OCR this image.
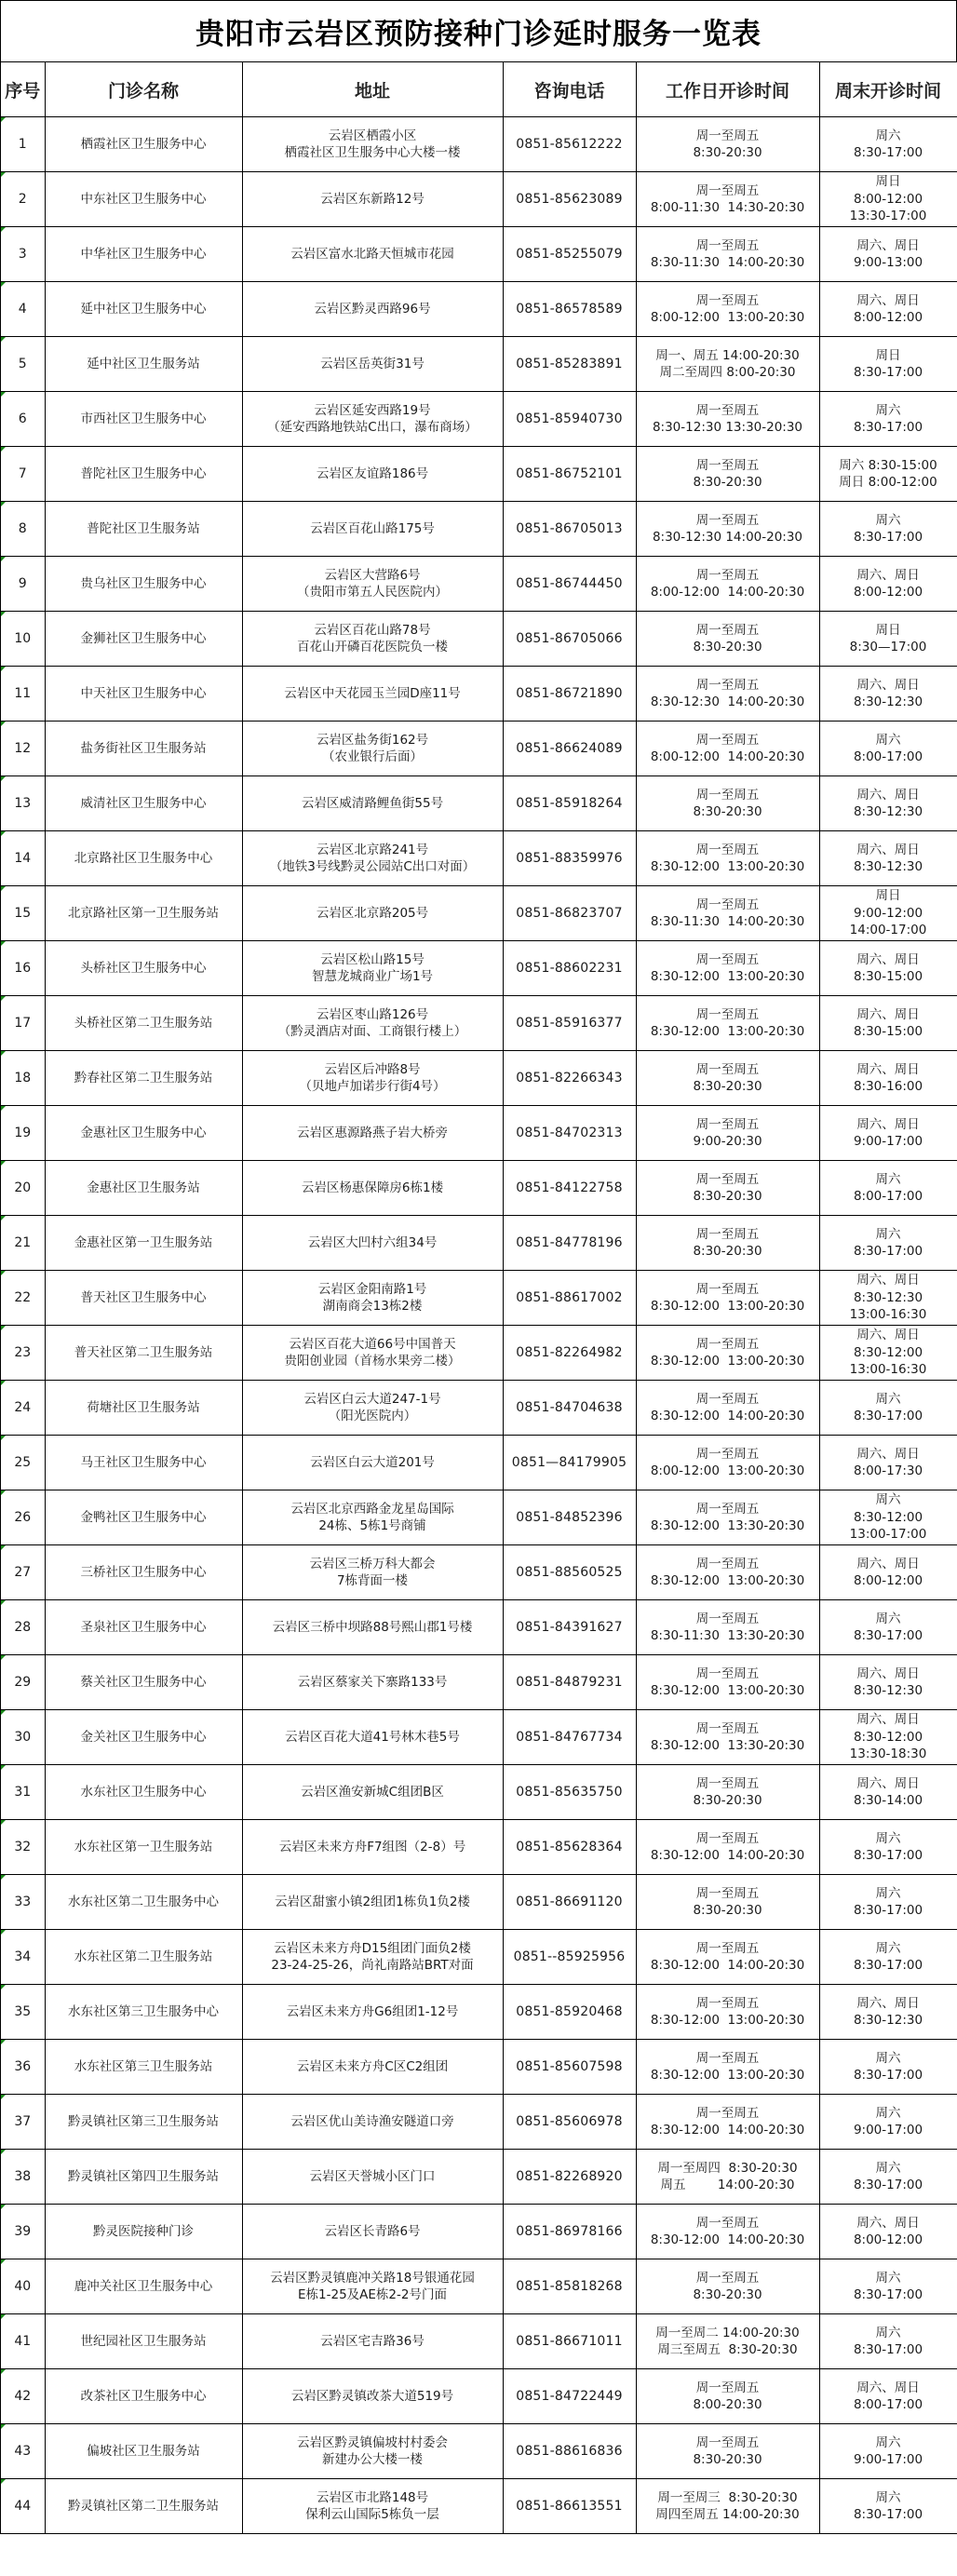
贵阳市云岩区预防接种门诊延时服务一览表
序号	门诊名称	地址	咨询电话	工作日开诊时间	周末开诊时间
1	栖霞社区卫生服务中心	云岩区栖霞小区
栖霞社区卫生服务中心大楼一楼	0851-85612222	周一至周五
8:30-20:30	周六
8:30-17:00

2	中东社区卫生服务中心	云岩区东新路12号	0851-85623089	周一至周五
8:00-11:30  14:30-20:30	周日
8:00-12:00
13:30-17:00

3	中华社区卫生服务中心	云岩区富水北路天恒城市花园	0851-85255079	周一至周五
8:30-11:30  14:00-20:30	周六、周日
9:00-13:00

4	延中社区卫生服务中心	云岩区黔灵西路96号	0851-86578589	周一至周五
8:00-12:00  13:00-20:30	周六、周日
8:00-12:00

5	延中社区卫生服务站	云岩区岳英街31号	0851-85283891	周一、周五 14:00-20:30
周二至周四 8:00-20:30	周日
8:30-17:00

6	市西社区卫生服务中心	云岩区延安西路19号
（延安西路地铁站C出口，瀑布商场）	0851-85940730	周一至周五
8:30-12:30 13:30-20:30	周六
8:30-17:00

7	普陀社区卫生服务中心	云岩区友谊路186号	0851-86752101	周一至周五
8:30-20:30	周六 8:30-15:00
周日 8:00-12:00

8	普陀社区卫生服务站	云岩区百花山路175号	0851-86705013	周一至周五
8:30-12:30 14:00-20:30	周六
8:30-17:00

9	贵乌社区卫生服务中心	云岩区大营路6号
（贵阳市第五人民医院内）	0851-86744450	周一至周五
8:00-12:00  14:00-20:30	周六、周日
8:00-12:00

10	金狮社区卫生服务中心	云岩区百花山路78号
百花山开磷百花医院负一楼	0851-86705066	周一至周五
8:30-20:30	周日
8:30—17:00

11	中天社区卫生服务中心	云岩区中天花园玉兰园D座11号	0851-86721890	周一至周五
8:30-12:30  14:00-20:30	周六、周日
8:30-12:30

12	盐务街社区卫生服务站	云岩区盐务街162号
（农业银行后面）	0851-86624089	周一至周五
8:00-12:00  14:00-20:30	周六
8:00-17:00

13	威清社区卫生服务中心	云岩区威清路鲤鱼街55号	0851-85918264	周一至周五
8:30-20:30	周六、周日
8:30-12:30

14	北京路社区卫生服务中心	云岩区北京路241号
（地铁3号线黔灵公园站C出口对面）	0851-88359976	周一至周五
8:30-12:00  13:00-20:30	周六、周日
8:30-12:30

15	北京路社区第一卫生服务站	云岩区北京路205号	0851-86823707	周一至周五
8:30-11:30  14:00-20:30	周日
9:00-12:00
14:00-17:00

16	头桥社区卫生服务中心	云岩区松山路15号
智慧龙城商业广场1号	0851-88602231	周一至周五
8:30-12:00  13:00-20:30	周六、周日
8:30-15:00

17	头桥社区第二卫生服务站	云岩区枣山路126号
（黔灵酒店对面、工商银行楼上）	0851-85916377	周一至周五
8:30-12:00  13:00-20:30	周六、周日
8:30-15:00

18	黔春社区第二卫生服务站	云岩区后冲路8号
（贝地卢加诺步行街4号）	0851-82266343	周一至周五
8:30-20:30	周六、周日
8:30-16:00

19	金惠社区卫生服务中心	云岩区惠源路燕子岩大桥旁	0851-84702313	周一至周五
9:00-20:30	周六、周日
9:00-17:00

20	金惠社区卫生服务站	云岩区杨惠保障房6栋1楼	0851-84122758	周一至周五
8:30-20:30	周六
8:00-17:00

21	金惠社区第一卫生服务站	云岩区大凹村六组34号	0851-84778196	周一至周五
8:30-20:30	周六
8:30-17:00

22	普天社区卫生服务中心	云岩区金阳南路1号
湖南商会13栋2楼	0851-88617002	周一至周五
8:30-12:00  13:00-20:30	周六、周日
8:30-12:30
13:00-16:30

23	普天社区第二卫生服务站	云岩区百花大道66号中国普天
贵阳创业园（首杨水果旁二楼）	0851-82264982	周一至周五
8:30-12:00  13:00-20:30	周六、周日
8:30-12:00
13:00-16:30

24	荷塘社区卫生服务站	云岩区白云大道247-1号
（阳光医院内）	0851-84704638	周一至周五
8:30-12:00  14:00-20:30	周六
8:30-17:00

25	马王社区卫生服务中心	云岩区白云大道201号	0851—84179905	周一至周五
8:00-12:00  13:00-20:30	周六、周日
8:00-17:30

26	金鸭社区卫生服务中心	云岩区北京西路金龙星岛国际
24栋、5栋1号商铺	0851-84852396	周一至周五
8:30-12:00  13:30-20:30	周六
8:30-12:00
13:00-17:00

27	三桥社区卫生服务中心	云岩区三桥万科大都会
7栋背面一楼	0851-88560525	周一至周五
8:30-12:00  13:00-20:30	周六、周日
8:00-12:00

28	圣泉社区卫生服务中心	云岩区三桥中坝路88号熙山郡1号楼	0851-84391627	周一至周五
8:30-11:30  13:30-20:30	周六
8:30-17:00

29	蔡关社区卫生服务中心	云岩区蔡家关下寨路133号	0851-84879231	周一至周五
8:30-12:00  13:00-20:30	周六、周日
8:30-12:30

30	金关社区卫生服务中心	云岩区百花大道41号林木巷5号	0851-84767734	周一至周五
8:30-12:00  13:30-20:30	周六、周日
8:30-12:00
13:30-18:30

31	水东社区卫生服务中心	云岩区渔安新城C组团B区	0851-85635750	周一至周五
8:30-20:30	周六、周日
8:30-14:00

32	水东社区第一卫生服务站	云岩区未来方舟F7组图（2-8）号	0851-85628364	周一至周五
8:30-12:00  14:00-20:30	周六
8:30-17:00

33	水东社区第二卫生服务中心	云岩区甜蜜小镇2组团1栋负1负2楼	0851-86691120	周一至周五
8:30-20:30	周六
8:30-17:00

34	水东社区第二卫生服务站	云岩区未来方舟D15组团门面负2楼
23-24-25-26，尚礼南路站BRT对面	0851--85925956	周一至周五
8:30-12:00  14:00-20:30	周六
8:30-17:00

35	水东社区第三卫生服务中心	云岩区未来方舟G6组团1-12号	0851-85920468	周一至周五
8:30-12:00  13:00-20:30	周六、周日
8:30-12:30

36	水东社区第三卫生服务站	云岩区未来方舟C区C2组团	0851-85607598	周一至周五
8:30-12:00  13:00-20:30	周六
8:30-17:00

37	黔灵镇社区第三卫生服务站	云岩区优山美诗渔安隧道口旁	0851-85606978	周一至周五
8:30-12:00  14:00-20:30	周六
9:00-17:00

38	黔灵镇社区第四卫生服务站	云岩区天誉城小区门口	0851-82268920	周一至周四  8:30-20:30
周五        14:00-20:30	周六
8:30-17:00

39	黔灵医院接种门诊	云岩区长青路6号	0851-86978166	周一至周五
8:30-12:00  14:00-20:30	周六、周日
8:00-12:00

40	鹿冲关社区卫生服务中心	云岩区黔灵镇鹿冲关路18号银通花园
E栋1-25及AE栋2-2号门面	0851-85818268	周一至周五
8:30-20:30	周六
8:30-17:00

41	世纪园社区卫生服务站	云岩区宅吉路36号	0851-86671011	周一至周二 14:00-20:30
周三至周五  8:30-20:30	周六
8:30-17:00

42	改茶社区卫生服务中心	云岩区黔灵镇改茶大道519号	0851-84722449	周一至周五
8:00-20:30	周六、周日
8:00-17:00

43	偏坡社区卫生服务站	云岩区黔灵镇偏坡村村委会
新建办公大楼一楼	0851-88616836	周一至周五
8:30-20:30	周六
9:00-17:00

44	黔灵镇社区第二卫生服务站	云岩区市北路148号
保利云山国际5栋负一层	0851-86613551	周一至周三  8:30-20:30
周四至周五 14:00-20:30	周六
8:30-17:00
